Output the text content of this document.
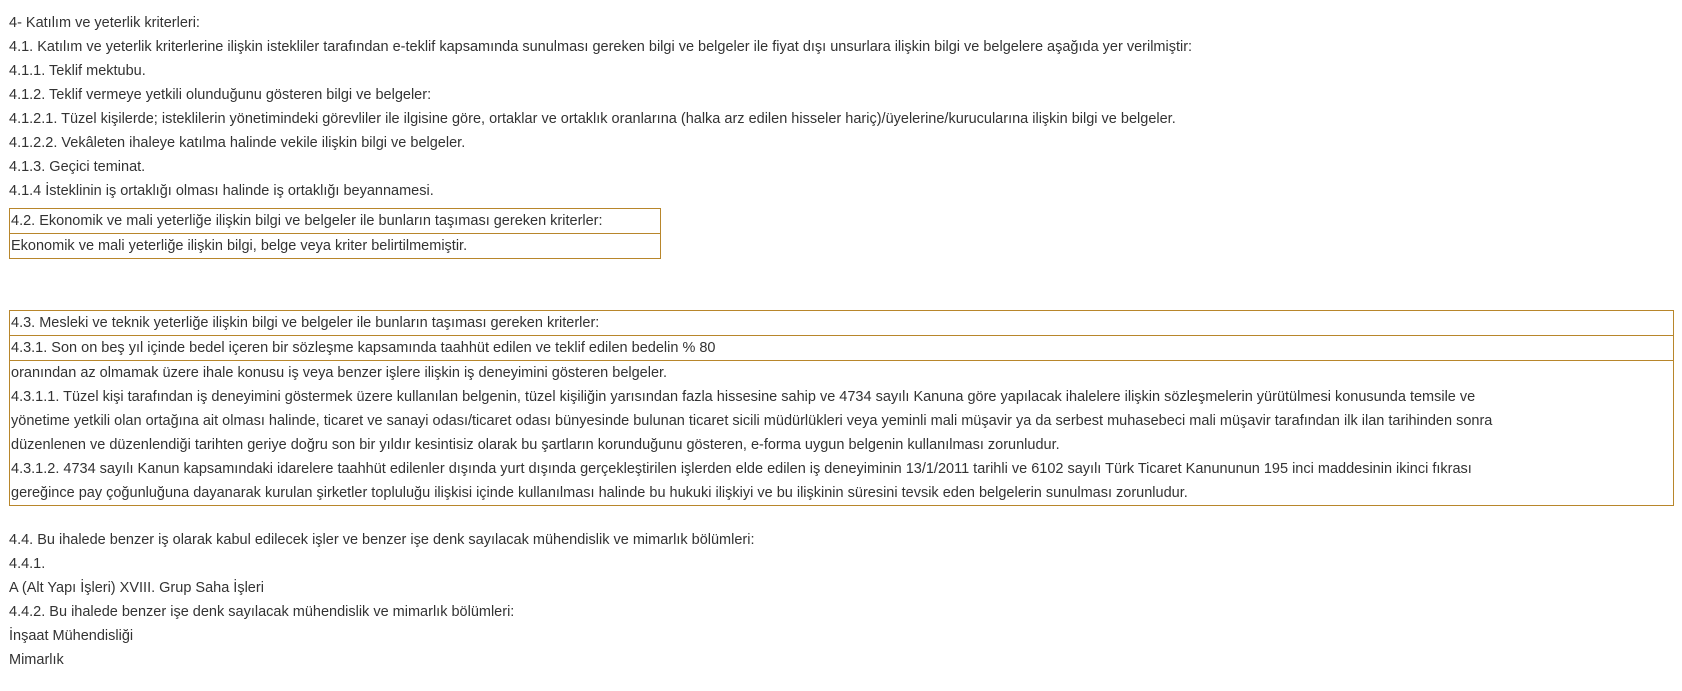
4- Katılım ve yeterlik kriterleri:
4.1. Katılım ve yeterlik kriterlerine ilişkin istekliler tarafından e-teklif kapsamında sunulması gereken bilgi ve belgeler ile fiyat dışı unsurlara ilişkin bilgi ve belgelere aşağıda yer verilmiştir:
4.1.1. Teklif mektubu.
4.1.2. Teklif vermeye yetkili olunduğunu gösteren bilgi ve belgeler:
4.1.2.1. Tüzel kişilerde; isteklilerin yönetimindeki görevliler ile ilgisine göre, ortaklar ve ortaklık oranlarına (halka arz edilen hisseler hariç)/üyelerine/kurucularına ilişkin bilgi ve belgeler.
4.1.2.2. Vekâleten ihaleye katılma halinde vekile ilişkin bilgi ve belgeler.
4.1.3. Geçici teminat.
4.1.4 İsteklinin iş ortaklığı olması halinde iş ortaklığı beyannamesi.
4.2. Ekonomik ve mali yeterliğe ilişkin bilgi ve belgeler ile bunların taşıması gereken kriterler:
Ekonomik ve mali yeterliğe ilişkin bilgi, belge veya kriter belirtilmemiştir.
4.3. Mesleki ve teknik yeterliğe ilişkin bilgi ve belgeler ile bunların taşıması gereken kriterler:
4.3.1. Son on beş yıl içinde bedel içeren bir sözleşme kapsamında taahhüt edilen ve teklif edilen bedelin % 80
oranından az olmamak üzere ihale konusu iş veya benzer işlere ilişkin iş deneyimini gösteren belgeler.
4.3.1.1. Tüzel kişi tarafından iş deneyimini göstermek üzere kullanılan belgenin, tüzel kişiliğin yarısından fazla hissesine sahip ve 4734 sayılı Kanuna göre yapılacak ihalelere ilişkin sözleşmelerin yürütülmesi konusunda temsile ve
yönetime yetkili olan ortağına ait olması halinde, ticaret ve sanayi odası/ticaret odası bünyesinde bulunan ticaret sicili müdürlükleri veya yeminli mali müşavir ya da serbest muhasebeci mali müşavir tarafından ilk ilan tarihinden sonra
düzenlenen ve düzenlendiği tarihten geriye doğru son bir yıldır kesintisiz olarak bu şartların korunduğunu gösteren, e-forma uygun belgenin kullanılması zorunludur.
4.3.1.2. 4734 sayılı Kanun kapsamındaki idarelere taahhüt edilenler dışında yurt dışında gerçekleştirilen işlerden elde edilen iş deneyiminin 13/1/2011 tarihli ve 6102 sayılı Türk Ticaret Kanununun 195 inci maddesinin ikinci fıkrası
gereğince pay çoğunluğuna dayanarak kurulan şirketler topluluğu ilişkisi içinde kullanılması halinde bu hukuki ilişkiyi ve bu ilişkinin süresini tevsik eden belgelerin sunulması zorunludur.
4.4. Bu ihalede benzer iş olarak kabul edilecek işler ve benzer işe denk sayılacak mühendislik ve mimarlık bölümleri:
4.4.1.
A (Alt Yapı İşleri) XVIII. Grup Saha İşleri
4.4.2. Bu ihalede benzer işe denk sayılacak mühendislik ve mimarlık bölümleri:
İnşaat Mühendisliği
Mimarlık
